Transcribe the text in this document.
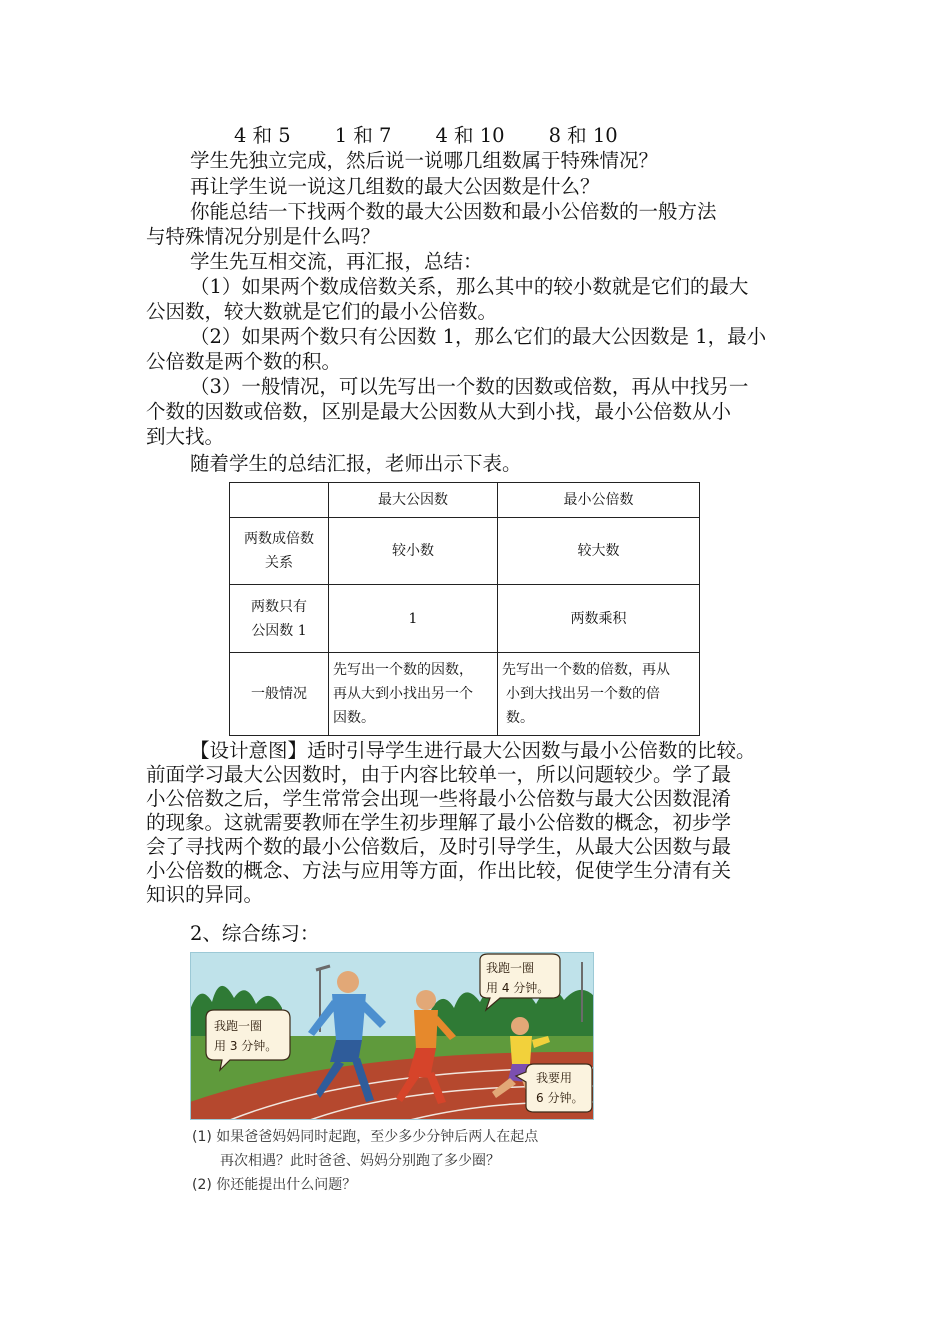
4 和 5 1 和 7 4 和 10 8 和 10
学生先独立完成，然后说一说哪几组数属于特殊情况？
再让学生说一说这几组数的最大公因数是什么？
你能总结一下找两个数的最大公因数和最小公倍数的一般方法
与特殊情况分别是什么吗？
学生先互相交流，再汇报，总结：
（1）如果两个数成倍数关系，那么其中的较小数就是它们的最大
公因数，较大数就是它们的最小公倍数。
（2）如果两个数只有公因数 1，那么它们的最大公因数是 1，最小
公倍数是两个数的积。
（3）一般情况，可以先写出一个数的因数或倍数，再从中找另一
个数的因数或倍数，区别是最大公因数从大到小找，最小公倍数从小
到大找。
随着学生的总结汇报，老师出示下表。
	最大公因数	最小公倍数
两数成倍数
关系	较小数	较大数
两数只有
公因数 1	1	两数乘积
一般情况	先写出一个数的因数，
再从大到小找出另一个
因数。	先写出一个数的倍数，再从
小到大找出另一个数的倍
数。

【设计意图】适时引导学生进行最大公因数与最小公倍数的比较。

前面学习最大公因数时，由于内容比较单一，所以问题较少。学了最

小公倍数之后，学生常常会出现一些将最小公倍数与最大公因数混淆

的现象。这就需要教师在学生初步理解了最小公倍数的概念，初步学

会了寻找两个数的最小公倍数后，及时引导学生，从最大公因数与最

小公倍数的概念、方法与应用等方面，作出比较，促使学生分清有关

知识的异同。

2、综合练习：
我跑一圈
用 3 分钟。
我跑一圈
用 4 分钟。
我要用
6 分钟。

(1) 如果爸爸妈妈同时起跑，至少多少分钟后两人在起点

再次相遇？此时爸爸、妈妈分别跑了多少圈？

(2) 你还能提出什么问题？
